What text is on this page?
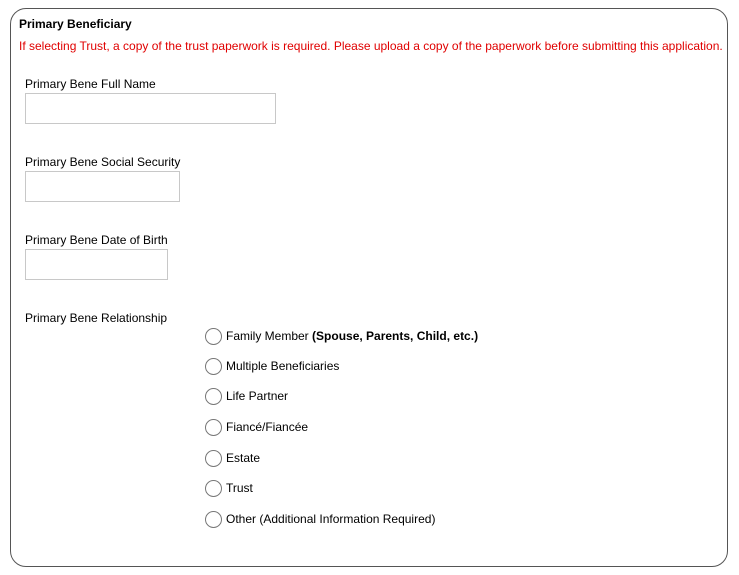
Primary Beneficiary
If selecting Trust, a copy of the trust paperwork is required. Please upload a copy of the paperwork before submitting this application.
Primary Bene Full Name
Primary Bene Social Security
Primary Bene Date of Birth
Primary Bene Relationship
Family Member
(Spouse, Parents, Child, etc.)
Multiple Beneficiaries
Life Partner
Fiancé/Fiancée
Estate
Trust
Other (Additional Information Required)
